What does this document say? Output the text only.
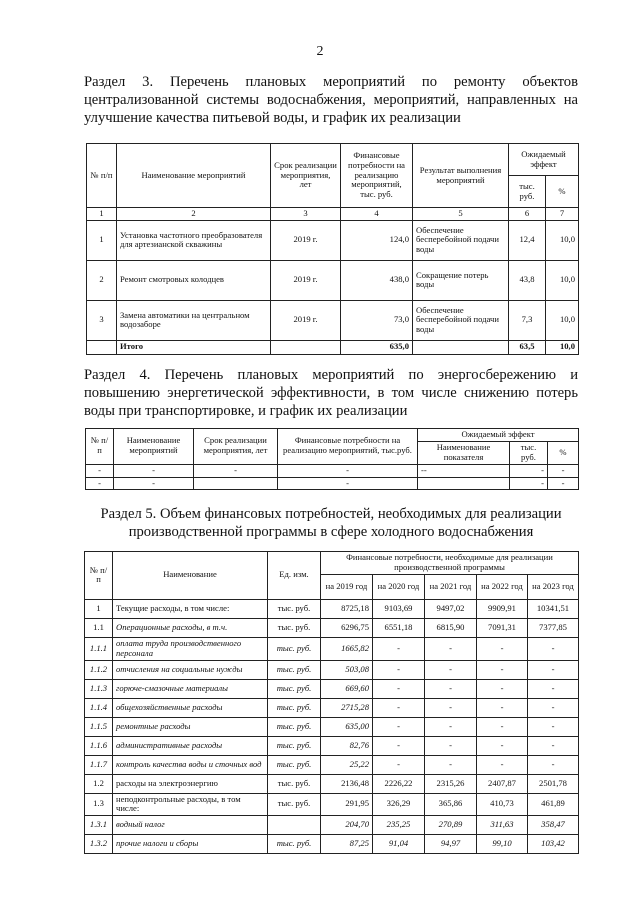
2
Раздел 3. Перечень плановых мероприятий по ремонту объектов централизованной системы водоснабжения, мероприятий, направленных на улучшение качества питьевой воды, и график их реализации
№ п/п	Наименование мероприятий	Срок реализации мероприятия, лет	Финансовые потребности на реализацию мероприятий, тыс. руб.	Результат выполнения мероприятий	Ожидаемый эффект	
					тыс. руб.	%
1	2	3	4	5	6	7
1	Установка частотного преобразователя для артезианской скважины	2019 г.	124,0	Обеспечение бесперебойной подачи воды	12,4	10,0
2	Ремонт смотровых колодцев	2019 г.	438,0	Сокращение потерь воды	43,8	10,0
3	Замена автоматики на центральном водозаборе	2019 г.	73,0	Обеспечение бесперебойной подачи воды	7,3	10,0
	Итого		635,0		63,5	10,0
Раздел 4. Перечень плановых мероприятий по энергосбережению и повышению энергетической эффективности, в том числе снижению потерь воды при транспортировке, и график их реализации
№ п/п	Наименование мероприятий	Срок реализации мероприятия, лет	Финансовые потребности на реализацию мероприятий, тыс.руб.	Ожидаемый эффект		
				Наименование показателя	тыс. руб.	%
-	-	-	-	--	-	-
-	-		-		-	-
Раздел 5. Объем финансовых потребностей, необходимых для реализации производственной программы в сфере холодного водоснабжения
№ п/п	Наименование	Ед. изм.	Финансовые потребности, необходимые для реализации производственной программы				
			на 2019 год	на 2020 год	на 2021 год	на 2022 год	на 2023 год
1	Текущие расходы, в том числе:	тыс. руб.	8725,18	9103,69	9497,02	9909,91	10341,51
1.1	Операционные расходы, в т.ч.	тыс. руб.	6296,75	6551,18	6815,90	7091,31	7377,85
1.1.1	оплата труда производственного персонала	тыс. руб.	1665,82	-	-	-	-
1.1.2	отчисления на социальные нужды	тыс. руб.	503,08	-	-	-	-
1.1.3	горюче-смазочные материалы	тыс. руб.	669,60	-	-	-	-
1.1.4	общехозяйственные расходы	тыс. руб.	2715,28	-	-	-	-
1.1.5	ремонтные расходы	тыс. руб.	635,00	-	-	-	-
1.1.6	административные расходы	тыс. руб.	82,76	-	-	-	-
1.1.7	контроль качества воды и сточных вод	тыс. руб.	25,22	-	-	-	-
1.2	расходы на электроэнергию	тыс. руб.	2136,48	2226,22	2315,26	2407,87	2501,78
1.3	неподконтрольные расходы, в том числе:	тыс. руб.	291,95	326,29	365,86	410,73	461,89
1.3.1	водный налог		204,70	235,25	270,89	311,63	358,47
1.3.2	прочие налоги и сборы	тыс. руб.	87,25	91,04	94,97	99,10	103,42
